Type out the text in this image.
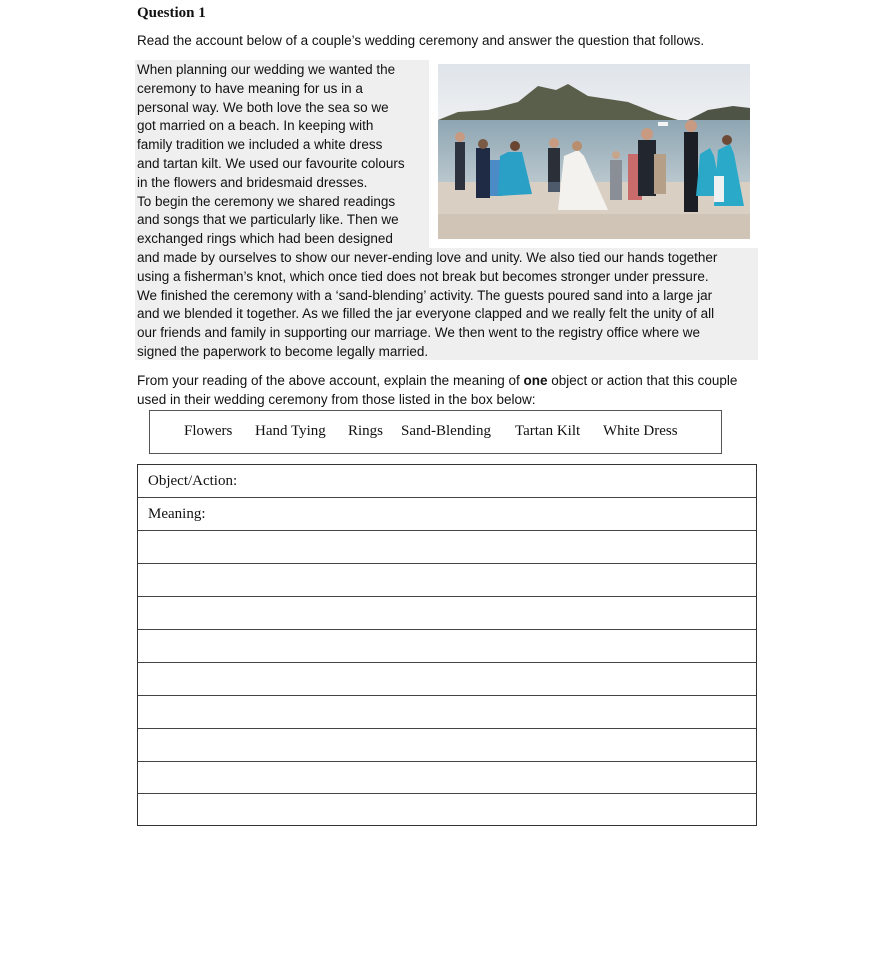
Question 1
Read the account below of a couple’s wedding ceremony and answer the question that follows.
When planning our wedding we wanted the
ceremony to have meaning for us in a
personal way. We both love the sea so we
got married on a beach. In keeping with
family tradition we included a white dress
and tartan kilt. We used our favourite colours
in the flowers and bridesmaid dresses.
To begin the ceremony we shared readings
and songs that we particularly like. Then we
exchanged rings which had been designed
and made by ourselves to show our never-ending love and unity. We also tied our hands together
using a fisherman’s knot, which once tied does not break but becomes stronger under pressure.
We finished the ceremony with a ‘sand-blending’ activity. The guests poured sand into a large jar
and we blended it together. As we filled the jar everyone clapped and we really felt the unity of all
our friends and family in supporting our marriage. We then went to the registry office where we
signed the paperwork to become legally married.
From your reading of the above account, explain the meaning of one object or action that this couple used in their wedding ceremony from those listed in the box below:
Flowers Hand Tying Rings Sand-Blending Tartan Kilt White Dress
Object/Action:
Meaning:
